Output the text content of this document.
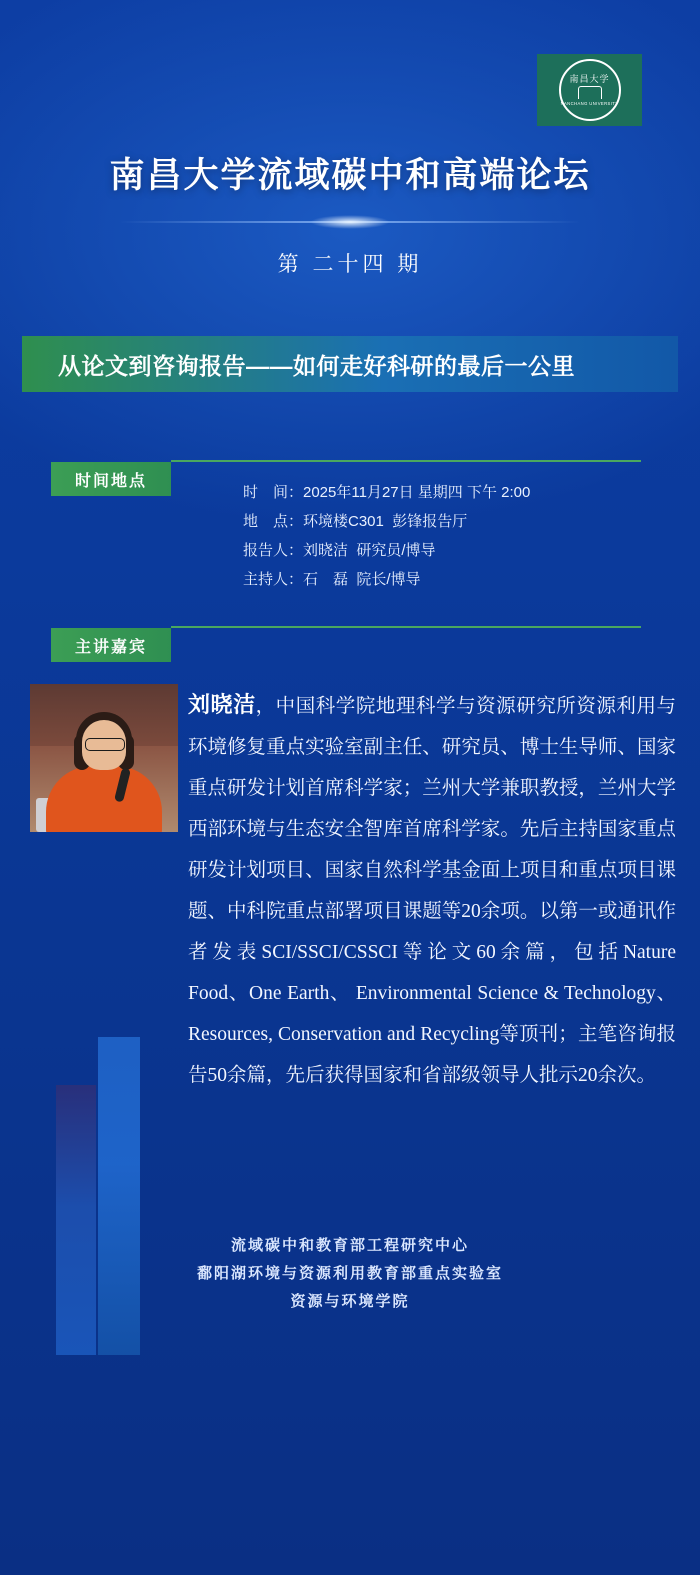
南昌大学
NANCHANG UNIVERSITY
南昌大学流域碳中和高端论坛
第 二十四 期
从论文到咨询报告——如何走好科研的最后一公里
时间地点
时　间：2025年11月27日 星期四 下午 2:00
地　点：环境楼C301  彭锋报告厅
报告人：刘晓洁  研究员/博导
主持人：石　磊  院长/博导
主讲嘉宾
刘晓洁，中国科学院地理科学与资源研究所资源利用与环境修复重点实验室副主任、研究员、博士生导师、国家重点研发计划首席科学家；兰州大学兼职教授，兰州大学西部环境与生态安全智库首席科学家。先后主持国家重点研发计划项目、国家自然科学基金面上项目和重点项目课题、中科院重点部署项目课题等20余项。以第一或通讯作者发表SCI/SSCI/CSSCI等论文60余篇，包括Nature Food、One Earth、 Environmental Science & Technology、Resources, Conservation and Recycling等顶刊；主笔咨询报告50余篇，先后获得国家和省部级领导人批示20余次。
流域碳中和教育部工程研究中心
鄱阳湖环境与资源利用教育部重点实验室
资源与环境学院
